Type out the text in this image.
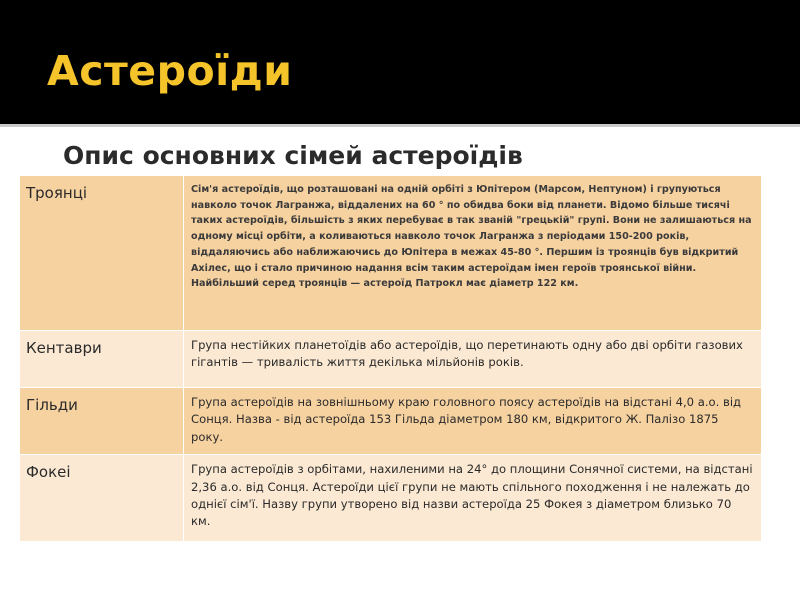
Астероїди
Опис основних сімей астероїдів
Троянці	Сім'я астероїдів, що розташовані на одній орбіті з Юпітером (Марсом, Нептуном) і групуються навколо точок Лагранжа, віддалених на 60 ° по обидва боки від планети. Відомо більше тисячі таких астероїдів, більшість з яких перебуває в так званій "грецькій" групі. Вони не залишаються на одному місці орбіти, а коливаються навколо точок Лагранжа з періодами 150-200 років, віддаляючись або наближаючись до Юпітера в межах 45-80 °. Першим із троянців був відкритий Ахілес, що і стало причиною надання всім таким астероїдам імен героїв троянської війни. Найбільший серед троянців — астероїд Патрокл має діаметр 122 км.
Кентаври	Група нестійких планетоїдів або астероїдів, що перетинають одну або дві орбіти газових гігантів — тривалість життя декілька мільйонів років.
Гільди	Група астероїдів на зовнішньому краю головного поясу астероїдів на відстані 4,0 а.о. від Сонця. Назва - від астероїда 153 Гільда діаметром 180 км, відкритого Ж. Палізо 1875 року.
Фокеі	Група астероїдів з орбітами, нахиленими на 24° до площини Сонячної системи, на відстані 2,36 а.о. від Сонця. Астероїди цієї групи не мають спільного походження і не належать до однієї сім'ї. Назву групи утворено від назви астероїда 25 Фокея з діаметром близько 70 км.
